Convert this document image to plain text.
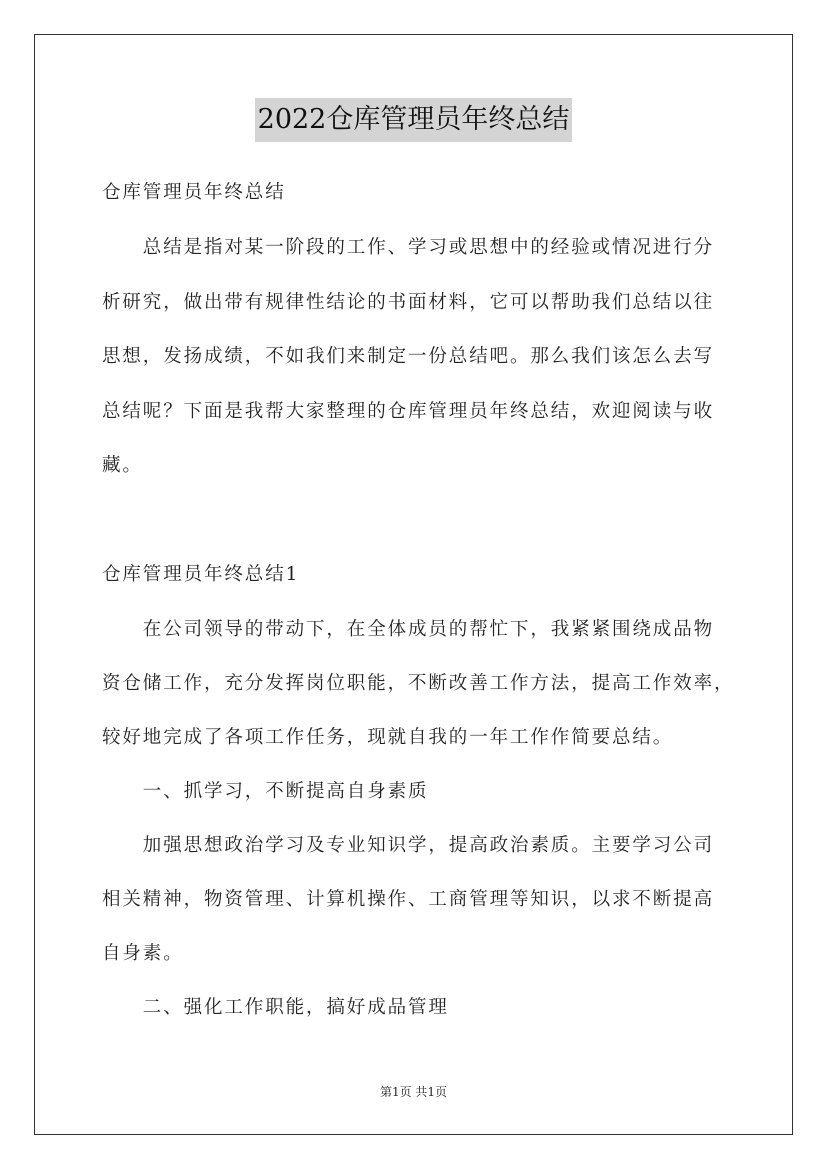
2022仓库管理员年终总结

仓库管理员年终总结

　　总结是指对某一阶段的工作、学习或思想中的经验或情况进行分

析研究，做出带有规律性结论的书面材料，它可以帮助我们总结以往

思想，发扬成绩，不如我们来制定一份总结吧。那么我们该怎么去写

总结呢？下面是我帮大家整理的仓库管理员年终总结，欢迎阅读与收

藏。

仓库管理员年终总结1

　　在公司领导的带动下，在全体成员的帮忙下，我紧紧围绕成品物

资仓储工作，充分发挥岗位职能，不断改善工作方法，提高工作效率，

较好地完成了各项工作任务，现就自我的一年工作作简要总结。

　　一、抓学习，不断提高自身素质

　　加强思想政治学习及专业知识学，提高政治素质。主要学习公司

相关精神，物资管理、计算机操作、工商管理等知识，以求不断提高

自身素。

　　二、强化工作职能，搞好成品管理

第1页 共1页
